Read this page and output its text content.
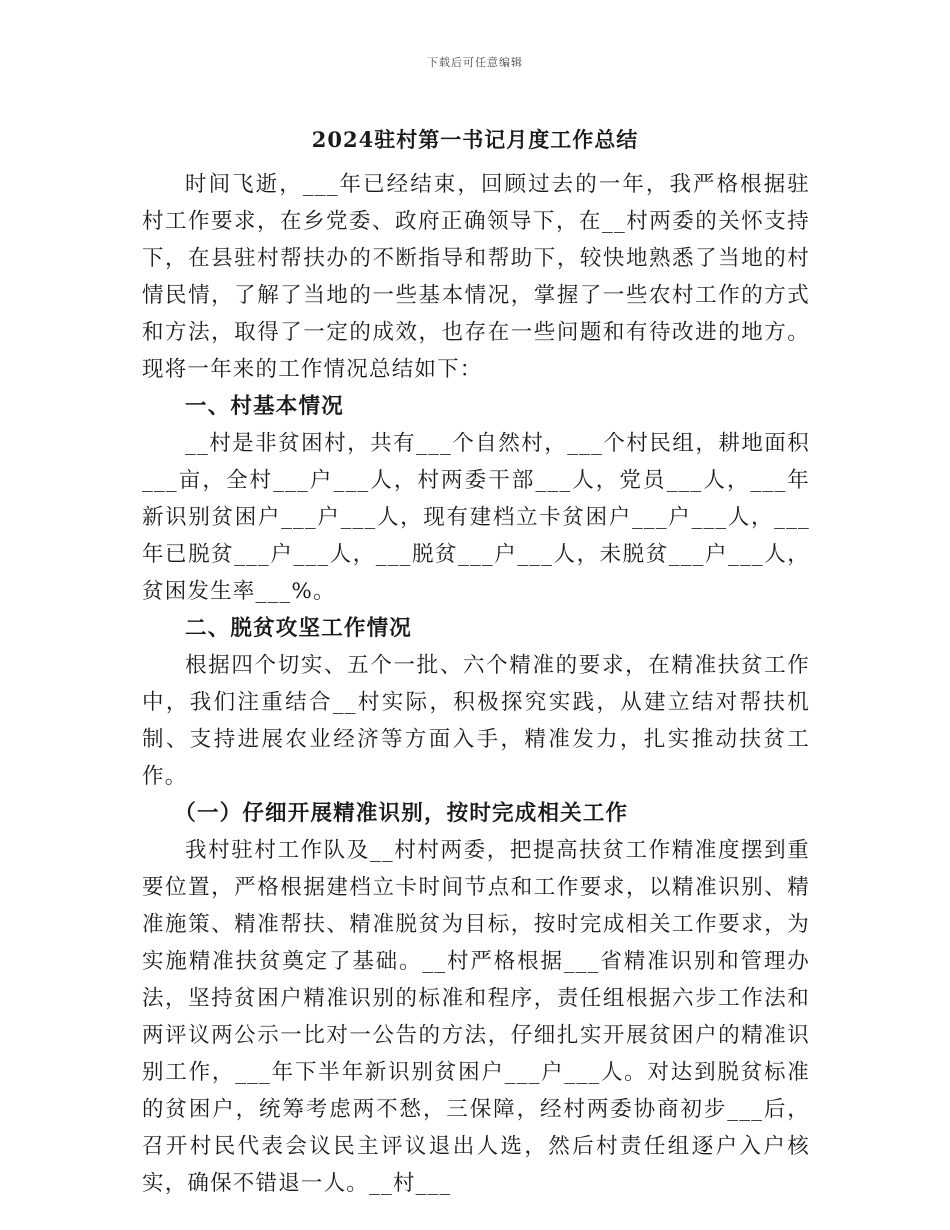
下载后可任意编辑
2024驻村第一书记月度工作总结

时间飞逝，___年已经结束，回顾过去的一年，我严格根据驻村工作要求，在乡党委、政府正确领导下，在__村两委的关怀支持下，在县驻村帮扶办的不断指导和帮助下，较快地熟悉了当地的村情民情，了解了当地的一些基本情况，掌握了一些农村工作的方式和方法，取得了一定的成效，也存在一些问题和有待改进的地方。现将一年来的工作情况总结如下：

一、村基本情况

__村是非贫困村，共有___个自然村，___个村民组，耕地面积___亩，全村___户___人，村两委干部___人，党员___人，___年新识别贫困户___户___人，现有建档立卡贫困户___户___人，___年已脱贫___户___人，___脱贫___户___人，未脱贫___户___人，贫困发生率___%。

二、脱贫攻坚工作情况

根据四个切实、五个一批、六个精准的要求，在精准扶贫工作中，我们注重结合__村实际，积极探究实践，从建立结对帮扶机制、支持进展农业经济等方面入手，精准发力，扎实推动扶贫工作。

（一）仔细开展精准识别，按时完成相关工作

我村驻村工作队及__村村两委，把提高扶贫工作精准度摆到重要位置，严格根据建档立卡时间节点和工作要求，以精准识别、精准施策、精准帮扶、精准脱贫为目标，按时完成相关工作要求，为实施精准扶贫奠定了基础。__村严格根据___省精准识别和管理办法，坚持贫困户精准识别的标准和程序，责任组根据六步工作法和两评议两公示一比对一公告的方法，仔细扎实开展贫困户的精准识别工作，___年下半年新识别贫困户___户___人。对达到脱贫标准的贫困户，统筹考虑两不愁，三保障，经村两委协商初步___后，召开村民代表会议民主评议退出人选，然后村责任组逐户入户核实，确保不错退一人。__村___
